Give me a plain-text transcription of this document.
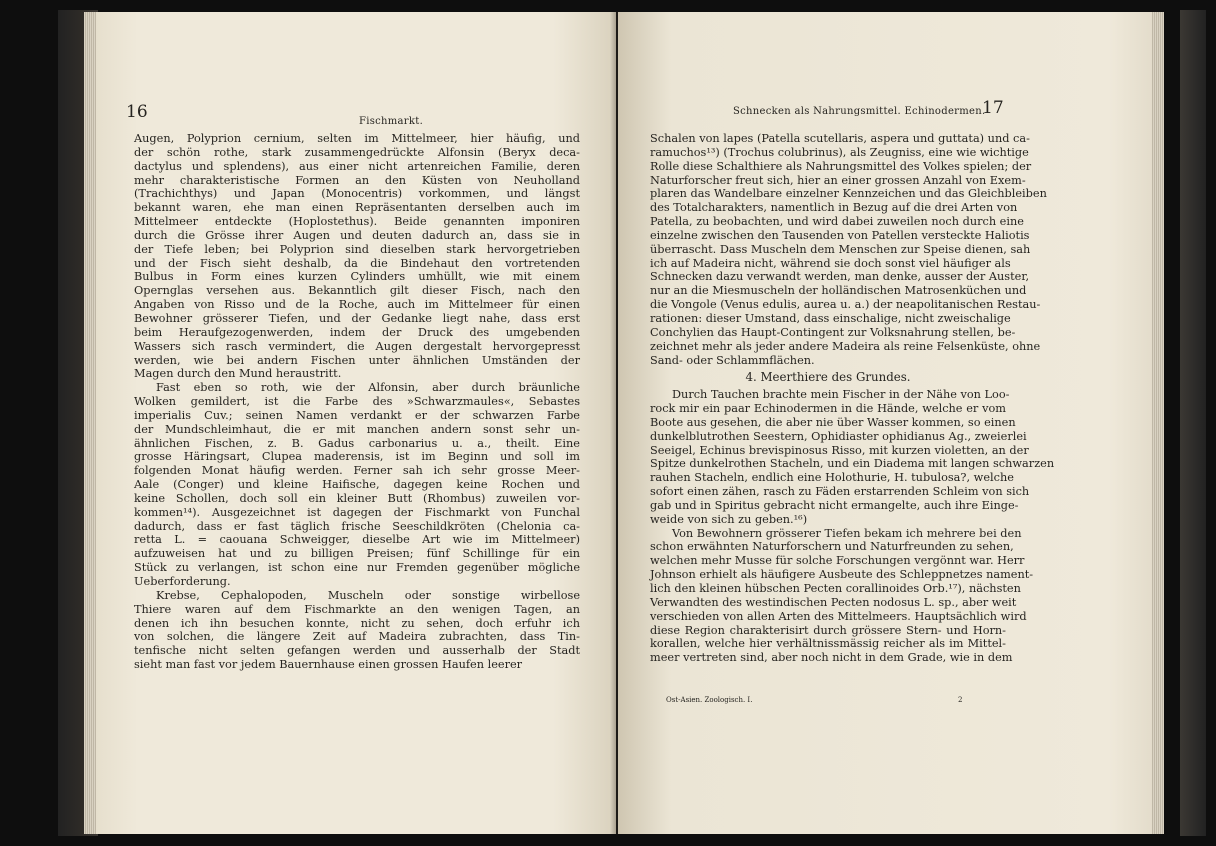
16	Fischmarkt.
Augen, Polyprion cernium, selten im Mittelmeer, hier häufig, und
der schön rothe, stark zusammengedrückte Alfonsin (Beryx deca-
dactylus und splendens), aus einer nicht artenreichen Familie, deren
mehr charakteristische Formen an den Küsten von Neuholland
(Trachichthys) und Japan (Monocentris) vorkommen, und längst
bekannt waren, ehe man einen Repräsentanten derselben auch im
Mittelmeer entdeckte (Hoplostethus). Beide genannten imponiren
durch die Grösse ihrer Augen und deuten dadurch an, dass sie in
der Tiefe leben; bei Polyprion sind dieselben stark hervorgetrieben
und der Fisch sieht deshalb, da die Bindehaut den vortretenden
Bulbus in Form eines kurzen Cylinders umhüllt, wie mit einem
Opernglas versehen aus. Bekanntlich gilt dieser Fisch, nach den
Angaben von Risso und de la Roche, auch im Mittelmeer für einen
Bewohner grösserer Tiefen, und der Gedanke liegt nahe, dass erst
beim Heraufgezogenwerden, indem der Druck des umgebenden
Wassers sich rasch vermindert, die Augen dergestalt hervorgepresst
werden, wie bei andern Fischen unter ähnlichen Umständen der
Magen durch den Mund heraustritt.
Fast eben so roth, wie der Alfonsin, aber durch bräunliche
Wolken gemildert, ist die Farbe des »Schwarzmaules«, Sebastes
imperialis Cuv.; seinen Namen verdankt er der schwarzen Farbe
der Mundschleimhaut, die er mit manchen andern sonst sehr un-
ähnlichen Fischen, z. B. Gadus carbonarius u. a., theilt. Eine
grosse Häringsart, Clupea maderensis, ist im Beginn und soll im
folgenden Monat häufig werden. Ferner sah ich sehr grosse Meer-
Aale (Conger) und kleine Haifische, dagegen keine Rochen und
keine Schollen, doch soll ein kleiner Butt (Rhombus) zuweilen vor-
kommen¹⁴). Ausgezeichnet ist dagegen der Fischmarkt von Funchal
dadurch, dass er fast täglich frische Seeschildkröten (Chelonia ca-
retta L. = caouana Schweigger, dieselbe Art wie im Mittelmeer)
aufzuweisen hat und zu billigen Preisen; fünf Schillinge für ein
Stück zu verlangen, ist schon eine nur Fremden gegenüber mögliche
Ueberforderung.
Krebse, Cephalopoden, Muscheln oder sonstige wirbellose
Thiere waren auf dem Fischmarkte an den wenigen Tagen, an
denen ich ihn besuchen konnte, nicht zu sehen, doch erfuhr ich
von solchen, die längere Zeit auf Madeira zubrachten, dass Tin-
tenfische nicht selten gefangen werden und ausserhalb der Stadt
sieht man fast vor jedem Bauernhause einen grossen Haufen leerer
Schnecken als Nahrungsmittel. Echinodermen.
17
Schalen von lapes (Patella scutellaris, aspera und guttata) und ca-
ramuchos¹³) (Trochus colubrinus), als Zeugniss, eine wie wichtige
Rolle diese Schalthiere als Nahrungsmittel des Volkes spielen; der
Naturforscher freut sich, hier an einer grossen Anzahl von Exem-
plaren das Wandelbare einzelner Kennzeichen und das Gleichbleiben
des Totalcharakters, namentlich in Bezug auf die drei Arten von
Patella, zu beobachten, und wird dabei zuweilen noch durch eine
einzelne zwischen den Tausenden von Patellen versteckte Haliotis
überrascht. Dass Muscheln dem Menschen zur Speise dienen, sah
ich auf Madeira nicht, während sie doch sonst viel häufiger als
Schnecken dazu verwandt werden, man denke, ausser der Auster,
nur an die Miesmuscheln der holländischen Matrosenküchen und
die Vongole (Venus edulis, aurea u. a.) der neapolitanischen Restau-
rationen: dieser Umstand, dass einschalige, nicht zweischalige
Conchylien das Haupt-Contingent zur Volksnahrung stellen, be-
zeichnet mehr als jeder andere Madeira als reine Felsenküste, ohne
Sand- oder Schlammflächen.
4. Meerthiere des Grundes.
Durch Tauchen brachte mein Fischer in der Nähe von Loo-
rock mir ein paar Echinodermen in die Hände, welche er vom
Boote aus gesehen, die aber nie über Wasser kommen, so einen
dunkelblutrothen Seestern, Ophidiaster ophidianus Ag., zweierlei
Seeigel, Echinus brevispinosus Risso, mit kurzen violetten, an der
Spitze dunkelrothen Stacheln, und ein Diadema mit langen schwarzen
rauhen Stacheln, endlich eine Holothurie, H. tubulosa?, welche
sofort einen zähen, rasch zu Fäden erstarrenden Schleim von sich
gab und in Spiritus gebracht nicht ermangelte, auch ihre Einge-
weide von sich zu geben.¹⁶)
Von Bewohnern grösserer Tiefen bekam ich mehrere bei den
schon erwähnten Naturforschern und Naturfreunden zu sehen,
welchen mehr Musse für solche Forschungen vergönnt war. Herr
Johnson erhielt als häufigere Ausbeute des Schleppnetzes nament-
lich den kleinen hübschen Pecten corallinoides Orb.¹⁷), nächsten
Verwandten des westindischen Pecten nodosus L. sp., aber weit
verschieden von allen Arten des Mittelmeers. Hauptsächlich wird
diese Region charakterisirt durch grössere Stern- und Horn-
korallen, welche hier verhältnissmässig reicher als im Mittel-
meer vertreten sind, aber noch nicht in dem Grade, wie in dem
Ost-Asien. Zoologisch. I.	2
